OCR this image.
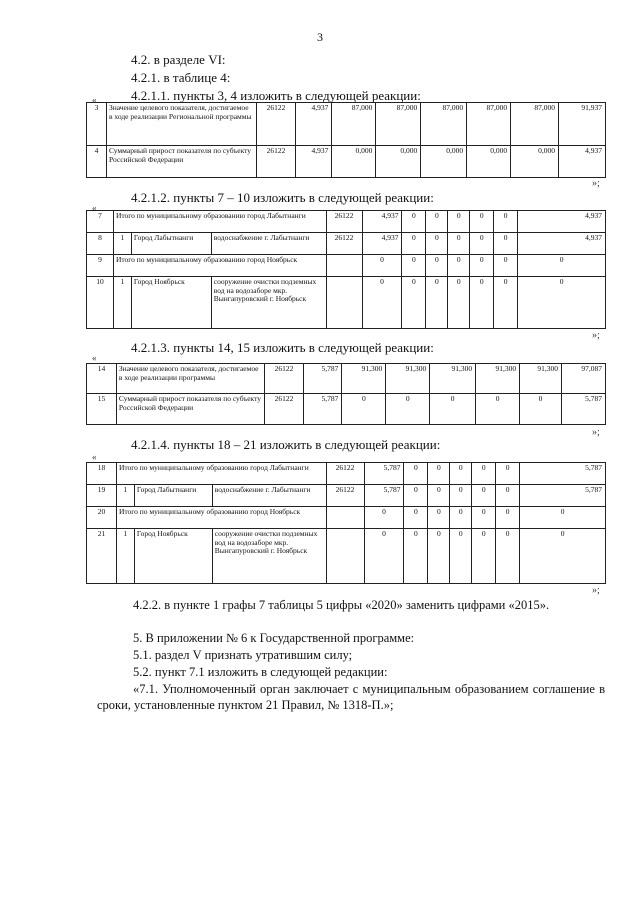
3
4.2. в разделе VI:
4.2.1. в таблице 4:
4.2.1.1. пункты 3, 4 изложить в следующей реакции:
«
3	Значение целевого показателя, достигаемое в ходе реализации Региональной программы	26122	4,937	87,000	87,000	87,000	87,000	87,000	91,937
4	Суммарный прирост показателя по субъекту Российской Федерации	26122	4,937	0,000	0,000	0,000	0,000	0,000	4,937
»;
4.2.1.2. пункты 7 – 10 изложить в следующей реакции:
«
7	Итого по муниципальному образованию город Лабытнанги			26122	4,937	0	0	0	0	0	4,937
8	1	Город Лабытнанги	водоснабжение г. Лабытнанги	26122	4,937	0	0	0	0	0	4,937
9	Итого по муниципальному образованию город Ноябрьск				0	0	0	0	0	0	0
10	1	Город Ноябрьск	сооружение очистки подземных вод на водозаборе мкр. Вынгапуровский г. Ноябрьск		0	0	0	0	0	0	0
»;
4.2.1.3. пункты 14, 15 изложить в следующей реакции:
«
14	Значение целевого показателя, достигаемое в ходе реализации программы	26122	5,787	91,300	91,300	91,300	91,300	91,300	97,087
15	Суммарный прирост показателя по субъекту Российской Федерации	26122	5,787	0	0	0	0	0	5,787
»;
4.2.1.4. пункты 18 – 21 изложить в следующей реакции:
«
18	Итого по муниципальному образованию город Лабытнанги			26122	5,787	0	0	0	0	0	5,787
19	1	Город Лабытнанги	водоснабжение г. Лабытнанги	26122	5,787	0	0	0	0	0	5,787
20	Итого по муниципальному образованию город Ноябрьск				0	0	0	0	0	0	0
21	1	Город Ноябрьск	сооружение очистки подземных вод на водозаборе мкр. Вынгапуровский г. Ноябрьск		0	0	0	0	0	0	0
»;
4.2.2. в пункте 1 графы 7 таблицы 5 цифры «2020» заменить цифрами «2015».
5. В приложении № 6 к Государственной программе:
5.1. раздел V признать утратившим силу;
5.2. пункт 7.1 изложить в следующей редакции:
«7.1. Уполномоченный орган заключает с муниципальным образованием соглашение в сроки, установленные пунктом 21 Правил, № 1318-П.»;
